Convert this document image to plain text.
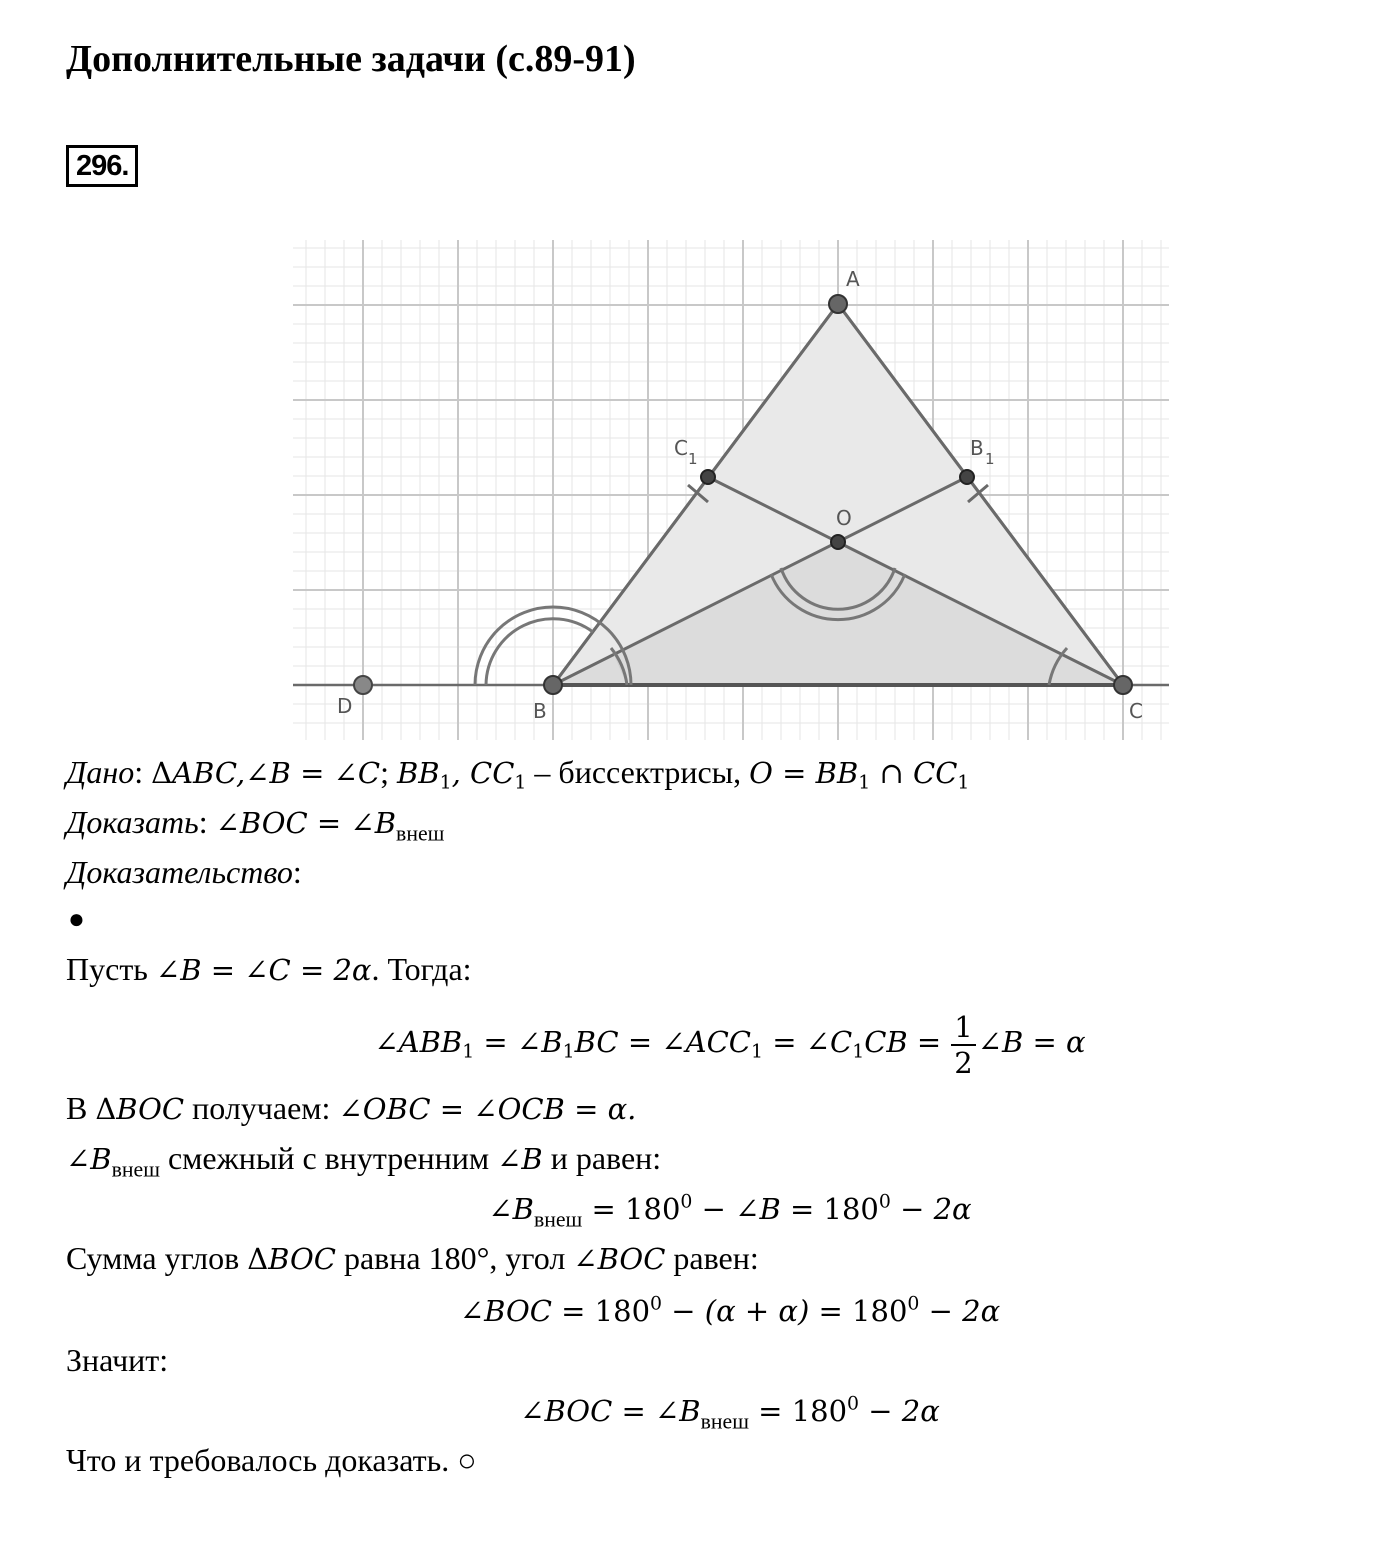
Дополнительные задачи (с.89-91)
296.
A
B	C
D
O
C 1	B 1
Дано: ΔABC,∠B = ∠C; $BB_1$, $CC_1$ – биссектрисы, $O = BB_1$ ∩ $CC_1$
Доказать: ∠BOC = $\angle B_{внеш}$
Доказательство:
●
Пусть ∠B = ∠C = 2α. Тогда:
$\angle ABB_1$ = $\angle B_1BC$ = $\angle ACC_1$ = $\angle C_1CB = \frac{1}{2}$ ∠B = α
В ΔBOC получаем: ∠OBC = ∠OCB = α.
$\angle B_{внеш}$ смежный с внутренним ∠B и равен:
$\angle B_{внеш} = 180^0$ − ∠B = $180^0 - 2\alpha$
Сумма углов ΔBOC равна 180°, угол ∠BOC равен:
∠BOC = $180^0 - (\alpha + \alpha) = 180^0 - 2\alpha$
Значит:
∠BOC = $\angle B_{внеш} = 180^0 - 2\alpha$
Что и требовалось доказать. ○
